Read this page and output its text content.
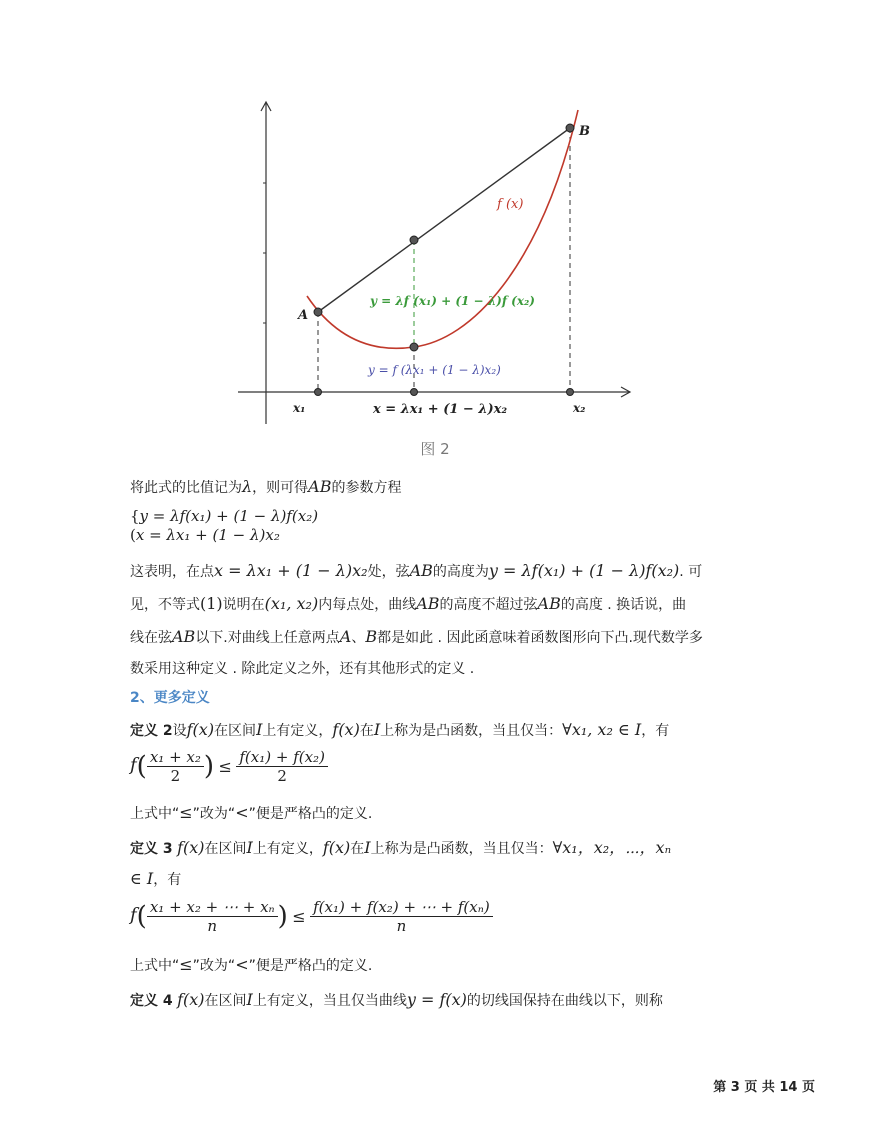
A
B
f (x)
y = λf (x₁) + (1 − λ)f (x₂)
y = f (λx₁ + (1 − λ)x₂)
x₁	x₂
x = λx₁ + (1 − λ)x₂
图 2
将此式的比值记为λ，则可得AB的参数方程
{y = λf(x₁) + (1 − λ)f(x₂)
(x = λx₁ + (1 − λ)x₂
这表明，在点x = λx₁ + (1 − λ)x₂处，弦AB的高度为y = λf(x₁) + (1 − λ)f(x₂). 可
见，不等式(1)说明在(x₁, x₂)内每点处，曲线AB的高度不超过弦AB的高度 . 换话说，曲
线在弦AB以下.对曲线上任意两点A、B都是如此 . 因此函意味着函数图形向下凸.现代数学多
数采用这种定义 . 除此定义之外，还有其他形式的定义 .
2、更多定义
定义 2设f(x)在区间I上有定义，f(x)在I上称为是凸函数，当且仅当：∀x₁, x₂ ∈ I，有
$f( \frac{\text{x₁ + x₂}}{2}$ ) ≤ $\frac{\text{f(x₁) + f(x₂)}}{2}$
上式中“≤”改为“<”便是严格凸的定义.
定义 3 f(x)在区间I上有定义，f(x)在I上称为是凸函数，当且仅当：∀x₁，x₂，⋯，xₙ
∈ I，有
$f( \frac{\text{x₁ + x₂ + ⋯ + xₙ}}{n}$ ) ≤ $\frac{\text{f(x₁) + f(x₂) + ⋯ + f(xₙ)}}{n}$
上式中“≤”改为“<”便是严格凸的定义.
定义 4 f(x)在区间I上有定义，当且仅当曲线y = f(x)的切线国保持在曲线以下，则称
第 3 页 共 14 页
